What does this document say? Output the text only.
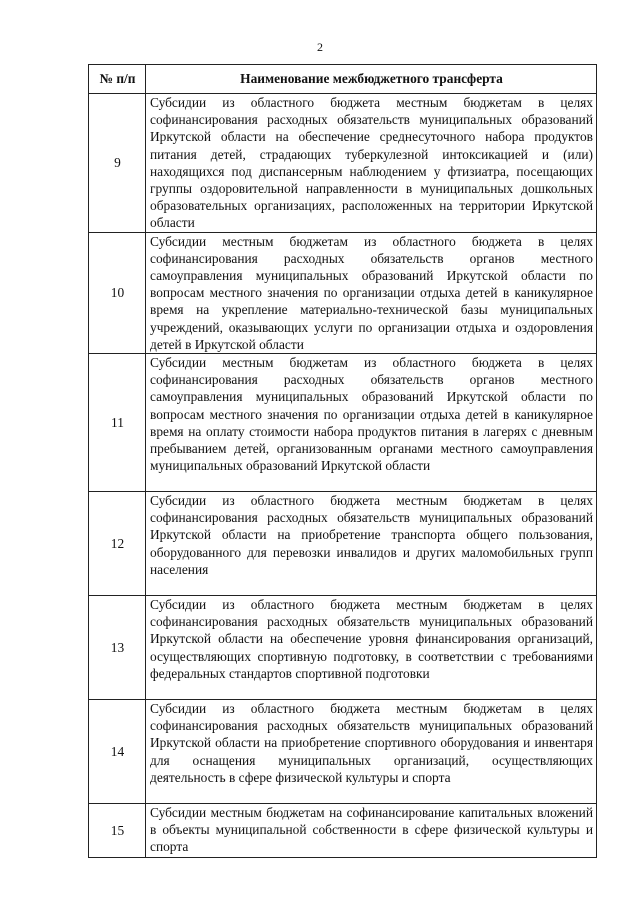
2
№ п/п	Наименование межбюджетного трансферта
9	Субсидии из областного бюджета местным бюджетам в целях софинансирования расходных обязательств муниципальных образований Иркутской области на обеспечение среднесуточного набора продуктов питания детей, страдающих туберкулезной интоксикацией и (или) находящихся под диспансерным наблюдением у фтизиатра, посещающих группы оздоровительной направленности в муниципальных дошкольных образовательных организациях, расположенных на территории Иркутской области
10	Субсидии местным бюджетам из областного бюджета в целях софинансирования расходных обязательств органов местного самоуправления муниципальных образований Иркутской области по вопросам местного значения по организации отдыха детей в каникулярное время на укрепление материально-технической базы муниципальных учреждений, оказывающих услуги по организации отдыха и оздоровления детей в Иркутской области
11	Субсидии местным бюджетам из областного бюджета в целях софинансирования расходных обязательств органов местного самоуправления муниципальных образований Иркутской области по вопросам местного значения по организации отдыха детей в каникулярное время на оплату стоимости набора продуктов питания в лагерях с дневным пребыванием детей, организованным органами местного самоуправления муниципальных образований Иркутской области
12	Субсидии из областного бюджета местным бюджетам в целях софинансирования расходных обязательств муниципальных образований Иркутской области на приобретение транспорта общего пользования, оборудованного для перевозки инвалидов и других маломобильных групп населения
13	Субсидии из областного бюджета местным бюджетам в целях софинансирования расходных обязательств муниципальных образований Иркутской области на обеспечение уровня финансирования организаций, осуществляющих спортивную подготовку, в соответствии с требованиями федеральных стандартов спортивной подготовки
14	Субсидии из областного бюджета местным бюджетам в целях софинансирования расходных обязательств муниципальных образований Иркутской области на приобретение спортивного оборудования и инвентаря для оснащения муниципальных организаций, осуществляющих деятельность в сфере физической культуры и спорта
15	Субсидии местным бюджетам на софинансирование капитальных вложений в объекты муниципальной собственности в сфере физической культуры и спорта
